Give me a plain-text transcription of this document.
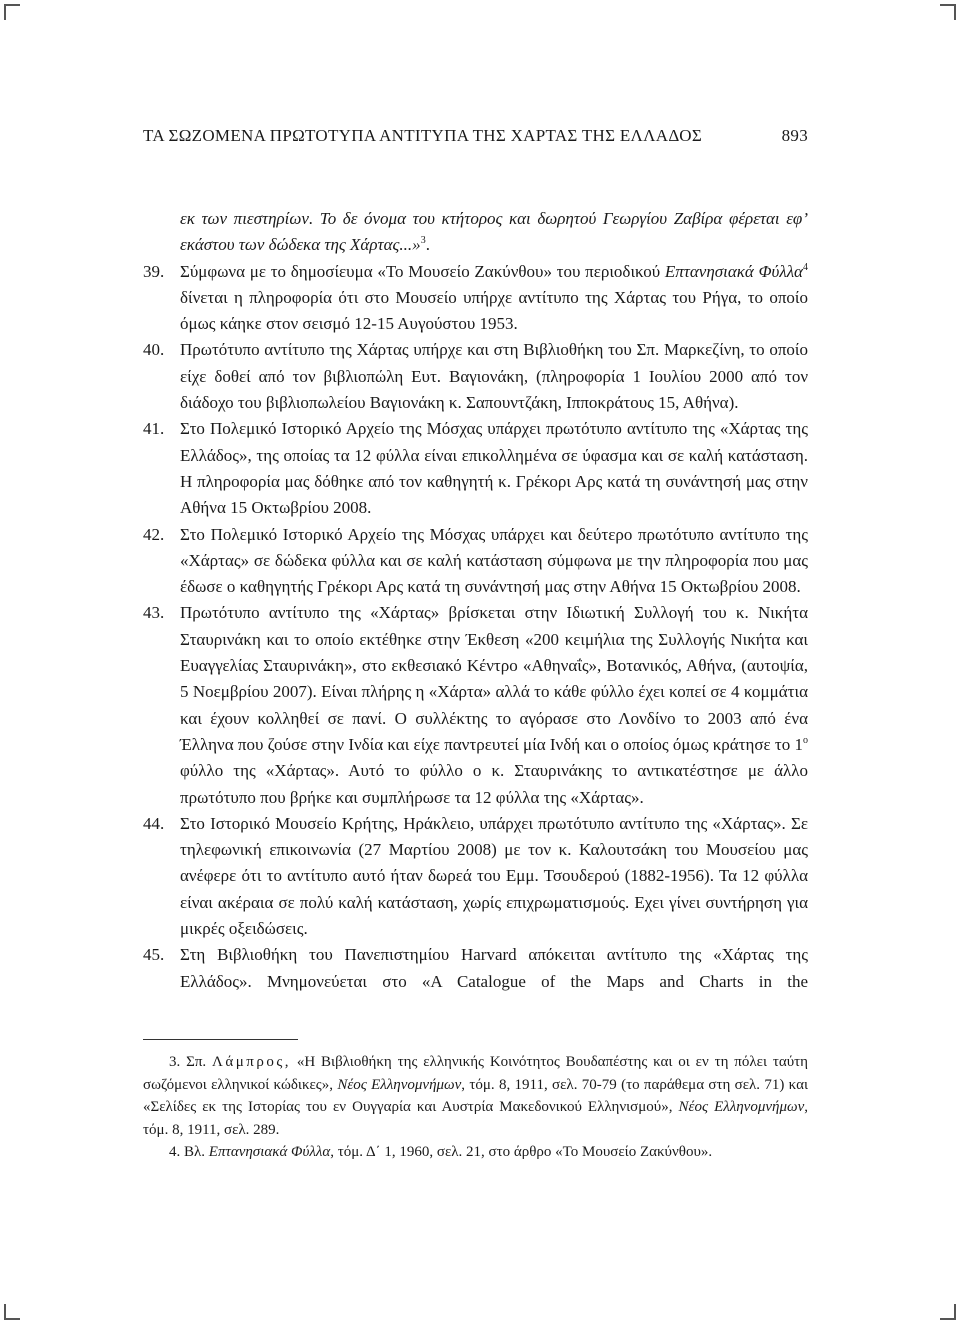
ΤΑ ΣΩΖΟΜΕΝΑ ΠΡΩΤΟΤΥΠΑ ΑΝΤΙΤΥΠΑ ΤΗΣ ΧΑΡΤΑΣ ΤΗΣ ΕΛΛΑΔΟΣ	893

εκ των πιεστηρίων. Το δε όνομα του κτήτορος και δωρητού Γεωργίου Ζαβίρα φέρεται εφ’ εκάστου των δώδεκα της Χάρτας...»$^3$.

39. Σύμφωνα με το δημοσίευμα «Το Μουσείο Ζακύνθου» του περιοδικού Επτανησιακά Φύλλα$^4$ δίνεται η πληροφορία ότι στο Μουσείο υπήρχε αντίτυπο της Χάρτας του Ρήγα, το οποίο όμως κάηκε στον σεισμό 12-15 Αυγούστου 1953.
40. Πρωτότυπο αντίτυπο της Χάρτας υπήρχε και στη Βιβλιοθήκη του Σπ. Μαρκεζίνη, το οποίο είχε δοθεί από τον βιβλιοπώλη Ευτ. Βαγιονάκη, (πληροφορία 1 Ιουλίου 2000 από τον διάδοχο του βιβλιοπωλείου Βαγιονάκη κ. Σαπουντζάκη, Ιπποκράτους 15, Αθήνα).
41. Στο Πολεμικό Ιστορικό Αρχείο της Μόσχας υπάρχει πρωτότυπο αντίτυπο της «Χάρτας της Ελλάδος», της οποίας τα 12 φύλλα είναι επικολλημένα σε ύφασμα και σε καλή κατάσταση. Η πληροφορία μας δόθηκε από τον καθηγητή κ. Γρέκορι Αρς κατά τη συνάντησή μας στην Αθήνα 15 Οκτωβρίου 2008.
42. Στο Πολεμικό Ιστορικό Αρχείο της Μόσχας υπάρχει και δεύτερο πρωτότυπο αντίτυπο της «Χάρτας» σε δώδεκα φύλλα και σε καλή κατάσταση σύμφωνα με την πληροφορία που μας έδωσε ο καθηγητής Γρέκορι Αρς κατά τη συνάντησή μας στην Αθήνα 15 Οκτωβρίου 2008.
43. Πρωτότυπο αντίτυπο της «Χάρτας» βρίσκεται στην Ιδιωτική Συλλογή του κ. Νικήτα Σταυρινάκη και το οποίο εκτέθηκε στην Έκθεση «200 κειμήλια της Συλλογής Νικήτα και Ευαγγελίας Σταυρινάκη», στο εκθεσιακό Κέντρο «Αθηναΐς», Βοτανικός, Αθήνα, (αυτοψία, 5 Νοεμβρίου 2007). Είναι πλήρης η «Χάρτα» αλλά το κάθε φύλλο έχει κοπεί σε 4 κομμάτια και έχουν κολληθεί σε πανί. Ο συλλέκτης το αγόρασε στο Λονδίνο το 2003 από ένα Έλληνα που ζούσε στην Ινδία και είχε παντρευτεί μία Ινδή και ο οποίος όμως κράτησε το $1^o$ φύλλο της «Χάρτας». Αυτό το φύλλο ο κ. Σταυρινάκης το αντικατέστησε με άλλο πρωτότυπο που βρήκε και συμπλήρωσε τα 12 φύλλα της «Χάρτας».
44. Στο Ιστορικό Μουσείο Κρήτης, Ηράκλειο, υπάρχει πρωτότυπο αντίτυπο της «Χάρτας». Σε τηλεφωνική επικοινωνία (27 Μαρτίου 2008) με τον κ. Καλουτσάκη του Μουσείου μας ανέφερε ότι το αντίτυπο αυτό ήταν δωρεά του Εμμ. Τσουδερού (1882-1956). Τα 12 φύλλα είναι ακέραια σε πολύ καλή κατάσταση, χωρίς επιχρωματισμούς. Εχει γίνει συντήρηση για μικρές οξειδώσεις.
45. Στη Βιβλιοθήκη του Πανεπιστημίου Harvard απόκειται αντίτυπο της «Χάρτας της Ελλάδος». Μνημονεύεται στο «A Catalogue of the Maps and Charts in the

3. Σπ. Λάμπρος, «Η Βιβλιοθήκη της ελληνικής Κοινότητος Βουδαπέστης και οι εν τη πόλει ταύτη σωζόμενοι ελληνικοί κώδικες», Νέος Ελληνομνήμων, τόμ. 8, 1911, σελ. 70-79 (το παράθεμα στη σελ. 71) και «Σελίδες εκ της Ιστορίας του εν Ουγγαρία και Αυστρία Μακεδονικού Ελληνισμού», Νέος Ελληνομνήμων, τόμ. 8, 1911, σελ. 289.

4. Βλ. Επτανησιακά Φύλλα, τόμ. Δ΄ 1, 1960, σελ. 21, στο άρθρο «Το Μουσείο Ζακύνθου».
